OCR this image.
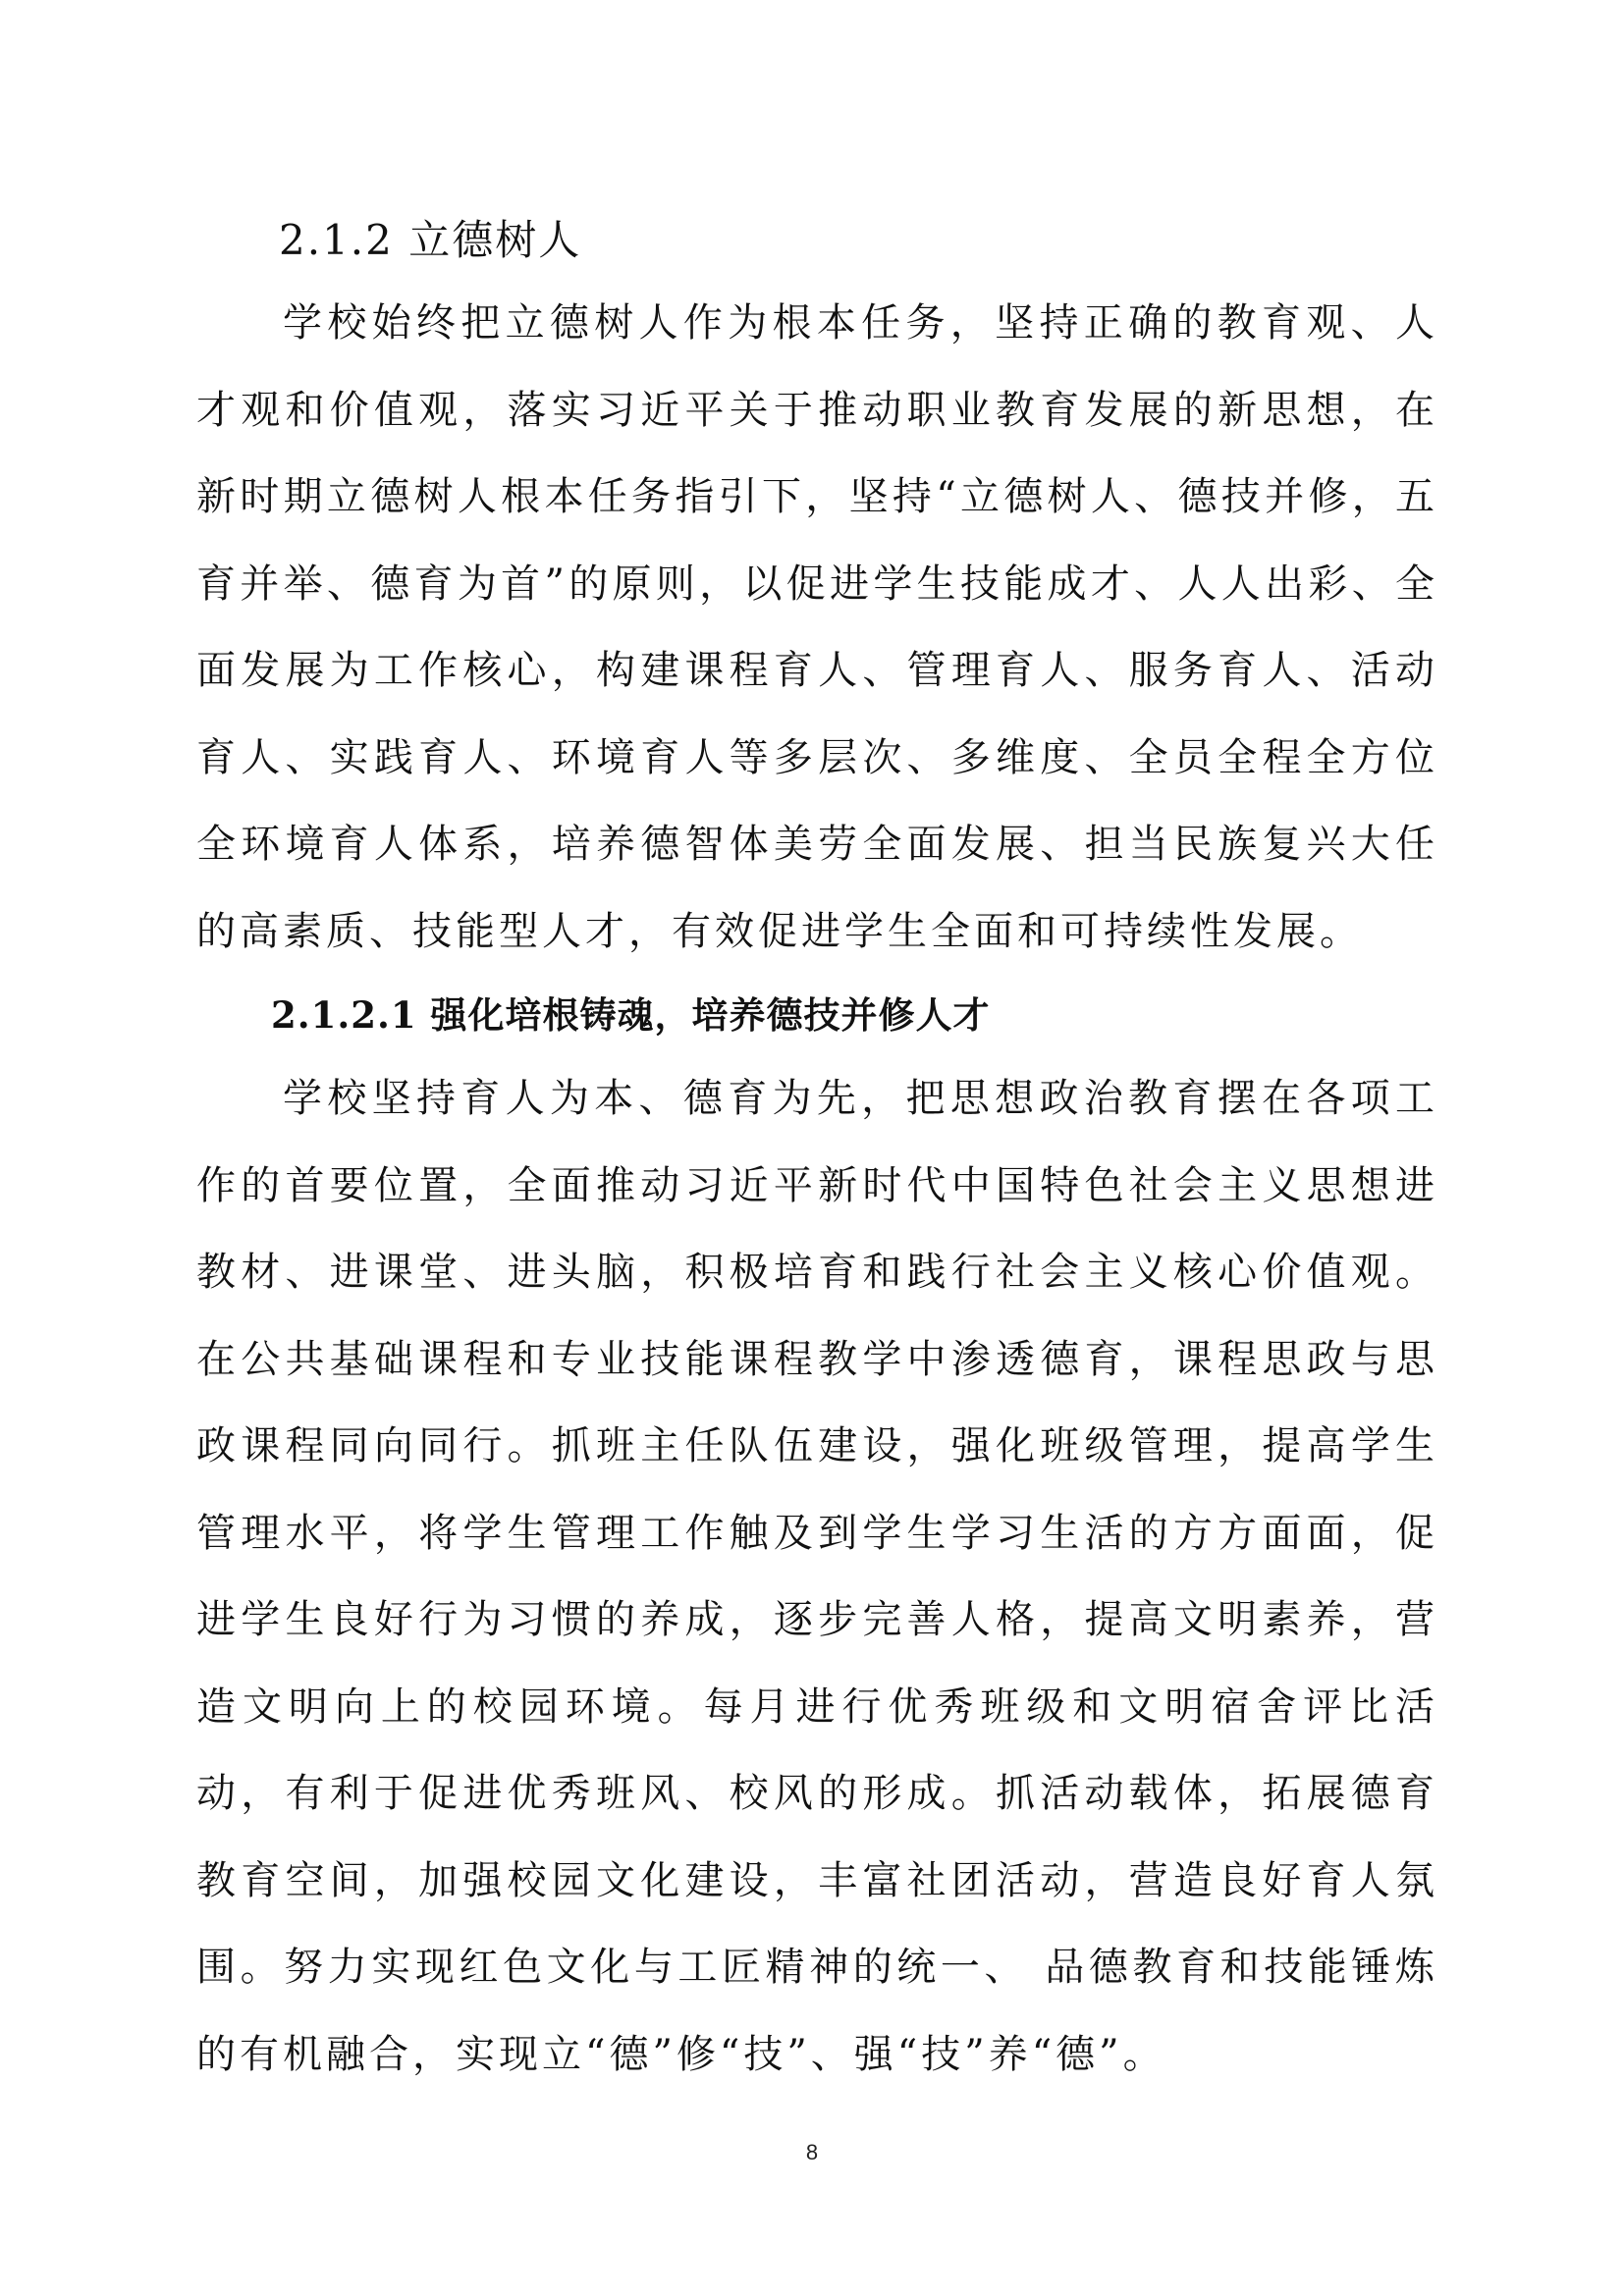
2.1.2 立德树人

学校始终把立德树人作为根本任务，坚持正确的教育观、人才观和价值观，落实习近平关于推动职业教育发展的新思想，在新时期立德树人根本任务指引下，坚持“立德树人、德技并修，五育并举、德育为首”的原则，以促进学生技能成才、人人出彩、全面发展为工作核心，构建课程育人、管理育人、服务育人、活动育人、实践育人、环境育人等多层次、多维度、全员全程全方位全环境育人体系，培养德智体美劳全面发展、担当民族复兴大任的高素质、技能型人才，有效促进学生全面和可持续性发展。

2.1.2.1 强化培根铸魂，培养德技并修人才

学校坚持育人为本、德育为先，把思想政治教育摆在各项工作的首要位置，全面推动习近平新时代中国特色社会主义思想进教材、进课堂、进头脑，积极培育和践行社会主义核心价值观。在公共基础课程和专业技能课程教学中渗透德育，课程思政与思政课程同向同行。抓班主任队伍建设，强化班级管理，提高学生管理水平，将学生管理工作触及到学生学习生活的方方面面，促进学生良好行为习惯的养成，逐步完善人格，提高文明素养，营造文明向上的校园环境。每月进行优秀班级和文明宿舍评比活动，有利于促进优秀班风、校风的形成。抓活动载体，拓展德育教育空间，加强校园文化建设，丰富社团活动，营造良好育人氛围。努力实现红色文化与工匠精神的统一、 品德教育和技能锤炼的有机融合，实现立“德”修“技”、强“技”养“德”。

8
